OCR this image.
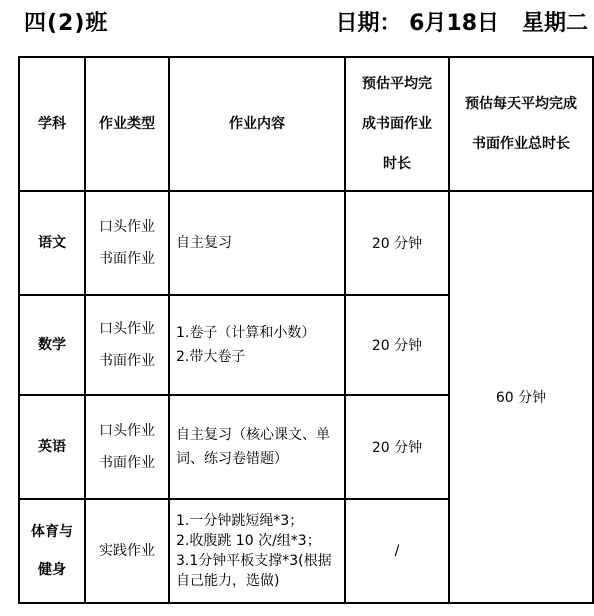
四(2)班	日期： 6月18日   星期二
学科	作业类型	作业内容	预估平均完
成书面作业
时长	预估每天平均完成
书面作业总时长

语文	口头作业
书面作业	自主复习	20 分钟	60 分钟

数学	口头作业
书面作业	1.卷子（计算和小数）
2.带大卷子	20 分钟	

英语	口头作业
书面作业	自主复习（核心课文、单
词、练习卷错题）	20 分钟	

体育与
健身	实践作业	1.一分钟跳短绳*3；
2.收腹跳 10 次/组*3；
3.1分钟平板支撑*3(根据
自己能力，选做)	/	
